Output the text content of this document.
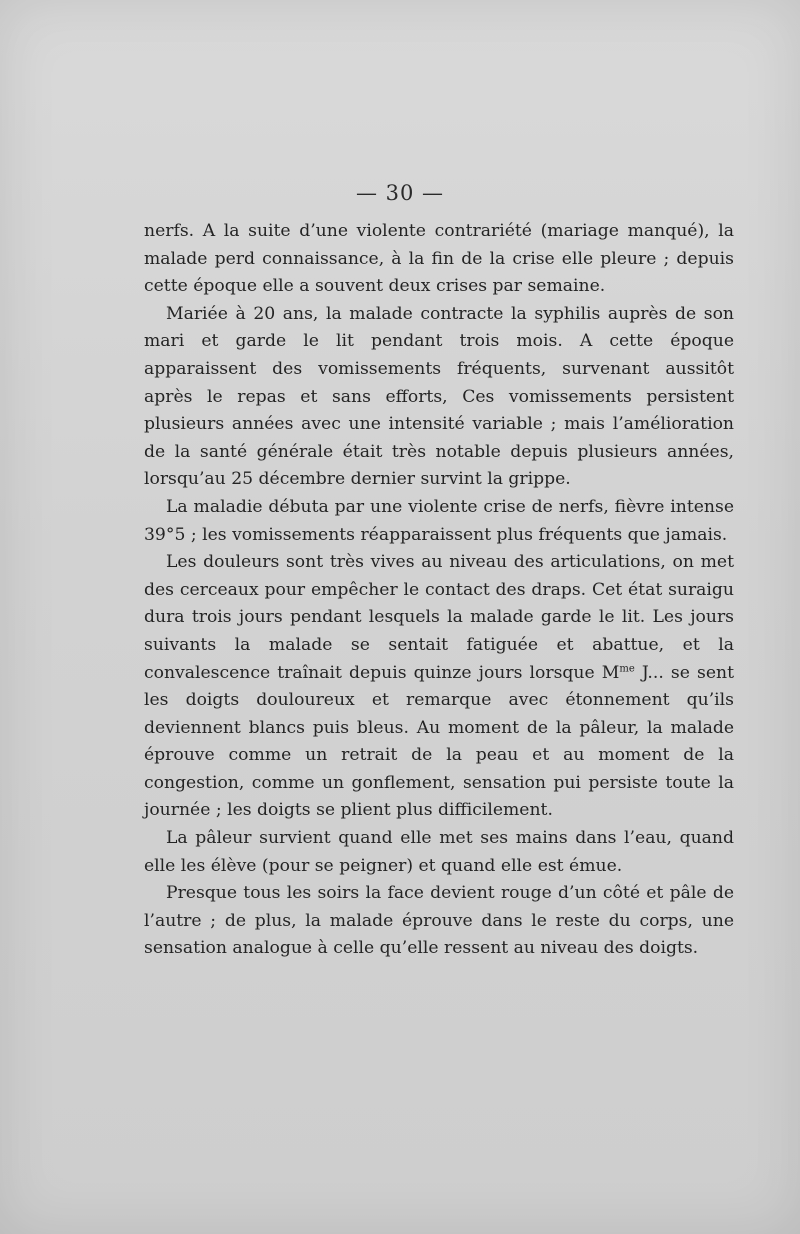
— 30 —

nerfs. A la suite d’une violente contrariété (mariage manqué), la malade perd connaissance, à la fin de la crise elle pleure ; depuis cette époque elle a souvent deux crises par semaine.

Mariée à 20 ans, la malade contracte la syphilis auprès de son mari et garde le lit pendant trois mois. A cette époque apparaissent des vomissements fréquents, survenant aussitôt après le repas et sans efforts, Ces vomissements persistent plusieurs années avec une intensité variable ; mais l’amélioration de la santé générale était très notable depuis plusieurs années, lorsqu’au 25 décembre dernier survint la grippe.

La maladie débuta par une violente crise de nerfs, fièvre intense 39°5 ; les vomissements réapparaissent plus fréquents que jamais.

Les douleurs sont très vives au niveau des articulations, on met des cerceaux pour empêcher le contact des draps. Cet état suraigu dura trois jours pendant lesquels la malade garde le lit. Les jours suivants la malade se sentait fatiguée et abattue, et la convalescence traînait depuis quinze jours lorsque $M^{me}$ J... se sent les doigts douloureux et remarque avec étonnement qu’ils deviennent blancs puis bleus. Au moment de la pâleur, la malade éprouve comme un retrait de la peau et au moment de la congestion, comme un gonflement, sensation pui persiste toute la journée ; les doigts se plient plus difficilement.

La pâleur survient quand elle met ses mains dans l’eau, quand elle les élève (pour se peigner) et quand elle est émue.

Presque tous les soirs la face devient rouge d’un côté et pâle de l’autre ; de plus, la malade éprouve dans le reste du corps, une sensation analogue à celle qu’elle ressent au niveau des doigts.
